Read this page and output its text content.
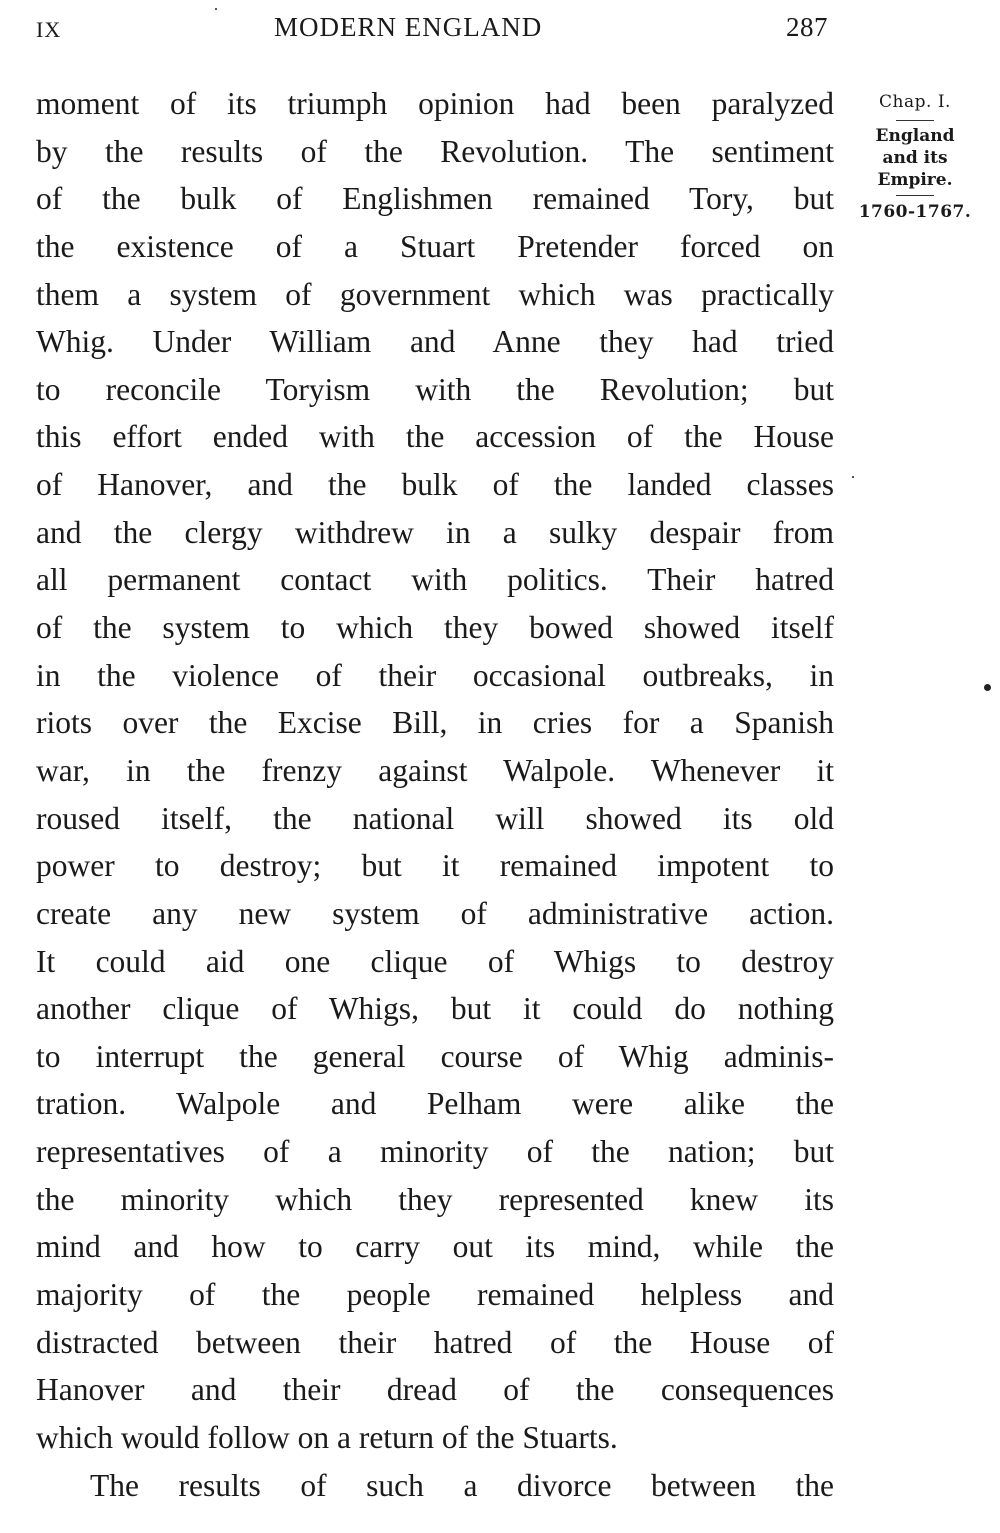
IX	MODERN ENGLAND	287
moment of its triumph opinion had been paralyzed
by the results of the Revolution. The sentiment
of the bulk of Englishmen remained Tory, but
the existence of a Stuart Pretender forced on
them a system of government which was practically
Whig. Under William and Anne they had tried
to reconcile Toryism with the Revolution; but
this effort ended with the accession of the House
of Hanover, and the bulk of the landed classes
and the clergy withdrew in a sulky despair from
all permanent contact with politics. Their hatred
of the system to which they bowed showed itself
in the violence of their occasional outbreaks, in
riots over the Excise Bill, in cries for a Spanish
war, in the frenzy against Walpole. Whenever it
roused itself, the national will showed its old
power to destroy; but it remained impotent to
create any new system of administrative action.
It could aid one clique of Whigs to destroy
another clique of Whigs, but it could do nothing
to interrupt the general course of Whig adminis-
tration. Walpole and Pelham were alike the
representatives of a minority of the nation; but
the minority which they represented knew its
mind and how to carry out its mind, while the
majority of the people remained helpless and
distracted between their hatred of the House of
Hanover and their dread of the consequences
which would follow on a return of the Stuarts.
The results of such a divorce between the
Chap. I.
England
and its
Empire.
1760-1767.
